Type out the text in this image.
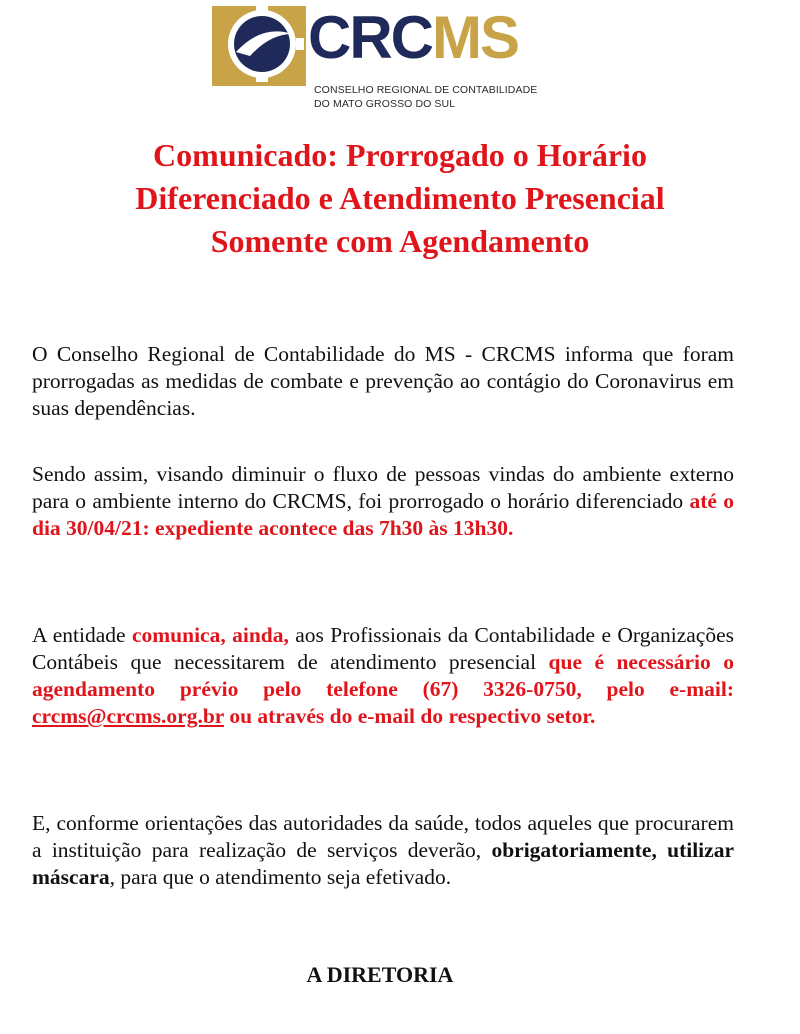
CRCMS
CONSELHO REGIONAL DE CONTABILIDADE
DO MATO GROSSO DO SUL
Comunicado: Prorrogado o Horário
Diferenciado e Atendimento Presencial
Somente com Agendamento

O Conselho Regional de Contabilidade do MS - CRCMS informa que foram prorrogadas as medidas de combate e prevenção ao contágio do Coronavirus em suas dependências.

Sendo assim, visando diminuir o fluxo de pessoas vindas do ambiente externo para o ambiente interno do CRCMS, foi prorrogado o horário diferenciado até o dia 30/04/21: expediente acontece das 7h30 às 13h30.

A entidade comunica, ainda, aos Profissionais da Contabilidade e Organizações Contábeis que necessitarem de atendimento presencial que é necessário o agendamento prévio pelo telefone (67) 3326-0750, pelo e-mail: crcms@crcms.org.br ou através do e-mail do respectivo setor.

E, conforme orientações das autoridades da saúde, todos aqueles que procurarem a instituição para realização de serviços deverão, obrigatoriamente, utilizar máscara, para que o atendimento seja efetivado.

A DIRETORIA
